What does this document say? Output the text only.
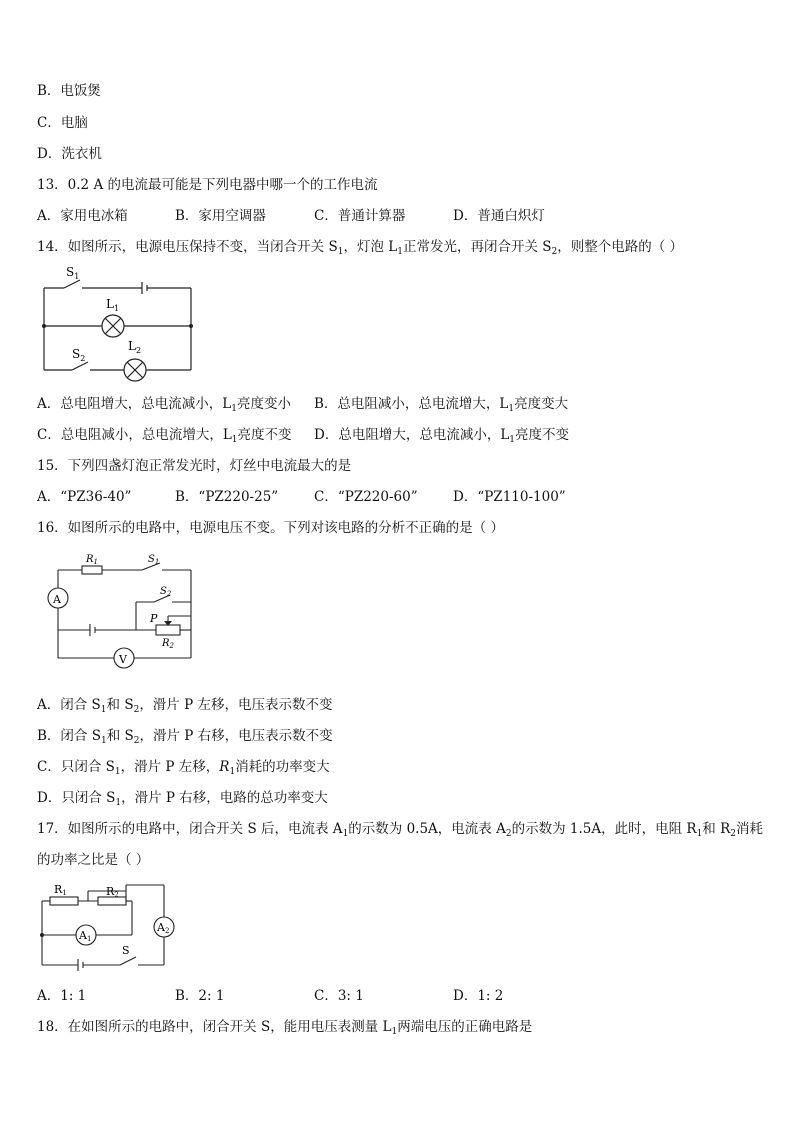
B．电饭煲
C．电脑
D．洗衣机
13．0.2 A 的电流最可能是下列电器中哪一个的工作电流
A．家用电冰箱	B．家用空调器	C．普通计算器	D．普通白炽灯
14．如图所示，电源电压保持不变，当闭合开关 $S_1$，灯泡 $L_1$正常发光，再闭合开关 $S_2$，则整个电路的（ ）
$S_1$
$L_1$
$S_2$
$L_2$
A．总电阻增大，总电流减小，$L_1$亮度变小 B．总电阻减小，总电流增大，$L_1$亮度变大
C．总电阻减小，总电流增大，$L_1$亮度不变 D．总电阻增大，总电流减小，$L_1$亮度不变
15．下列四盏灯泡正常发光时，灯丝中电流最大的是
A．“PZ36-40”	B．“PZ220-25”	C．“PZ220-60”	D．“PZ110-100”
16．如图所示的电路中，电源电压不变。下列对该电路的分析不正确的是（ ）
A
V
$R_1$	$S_1$
$S_2$
P
$R_2$
A．闭合 $S_1$和 $S_2$，滑片 P 左移，电压表示数不变
B．闭合 $S_1$和 $S_2$，滑片 P 右移，电压表示数不变
C．只闭合 $S_1$，滑片 P 左移，$R_1$消耗的功率变大
D．只闭合 $S_1$，滑片 P 右移，电路的总功率变大
17．如图所示的电路中，闭合开关 S 后，电流表 $A_1$的示数为 0.5A，电流表 $A_2$的示数为 1.5A，此时，电阻 $R_1$和 $R_2$消耗
的功率之比是（ ）
R1	R2
A1
A2
S
A．1: 1	B．2: 1	C．3: 1	D．1: 2
18．在如图所示的电路中，闭合开关 S，能用电压表测量 $L_1$两端电压的正确电路是
